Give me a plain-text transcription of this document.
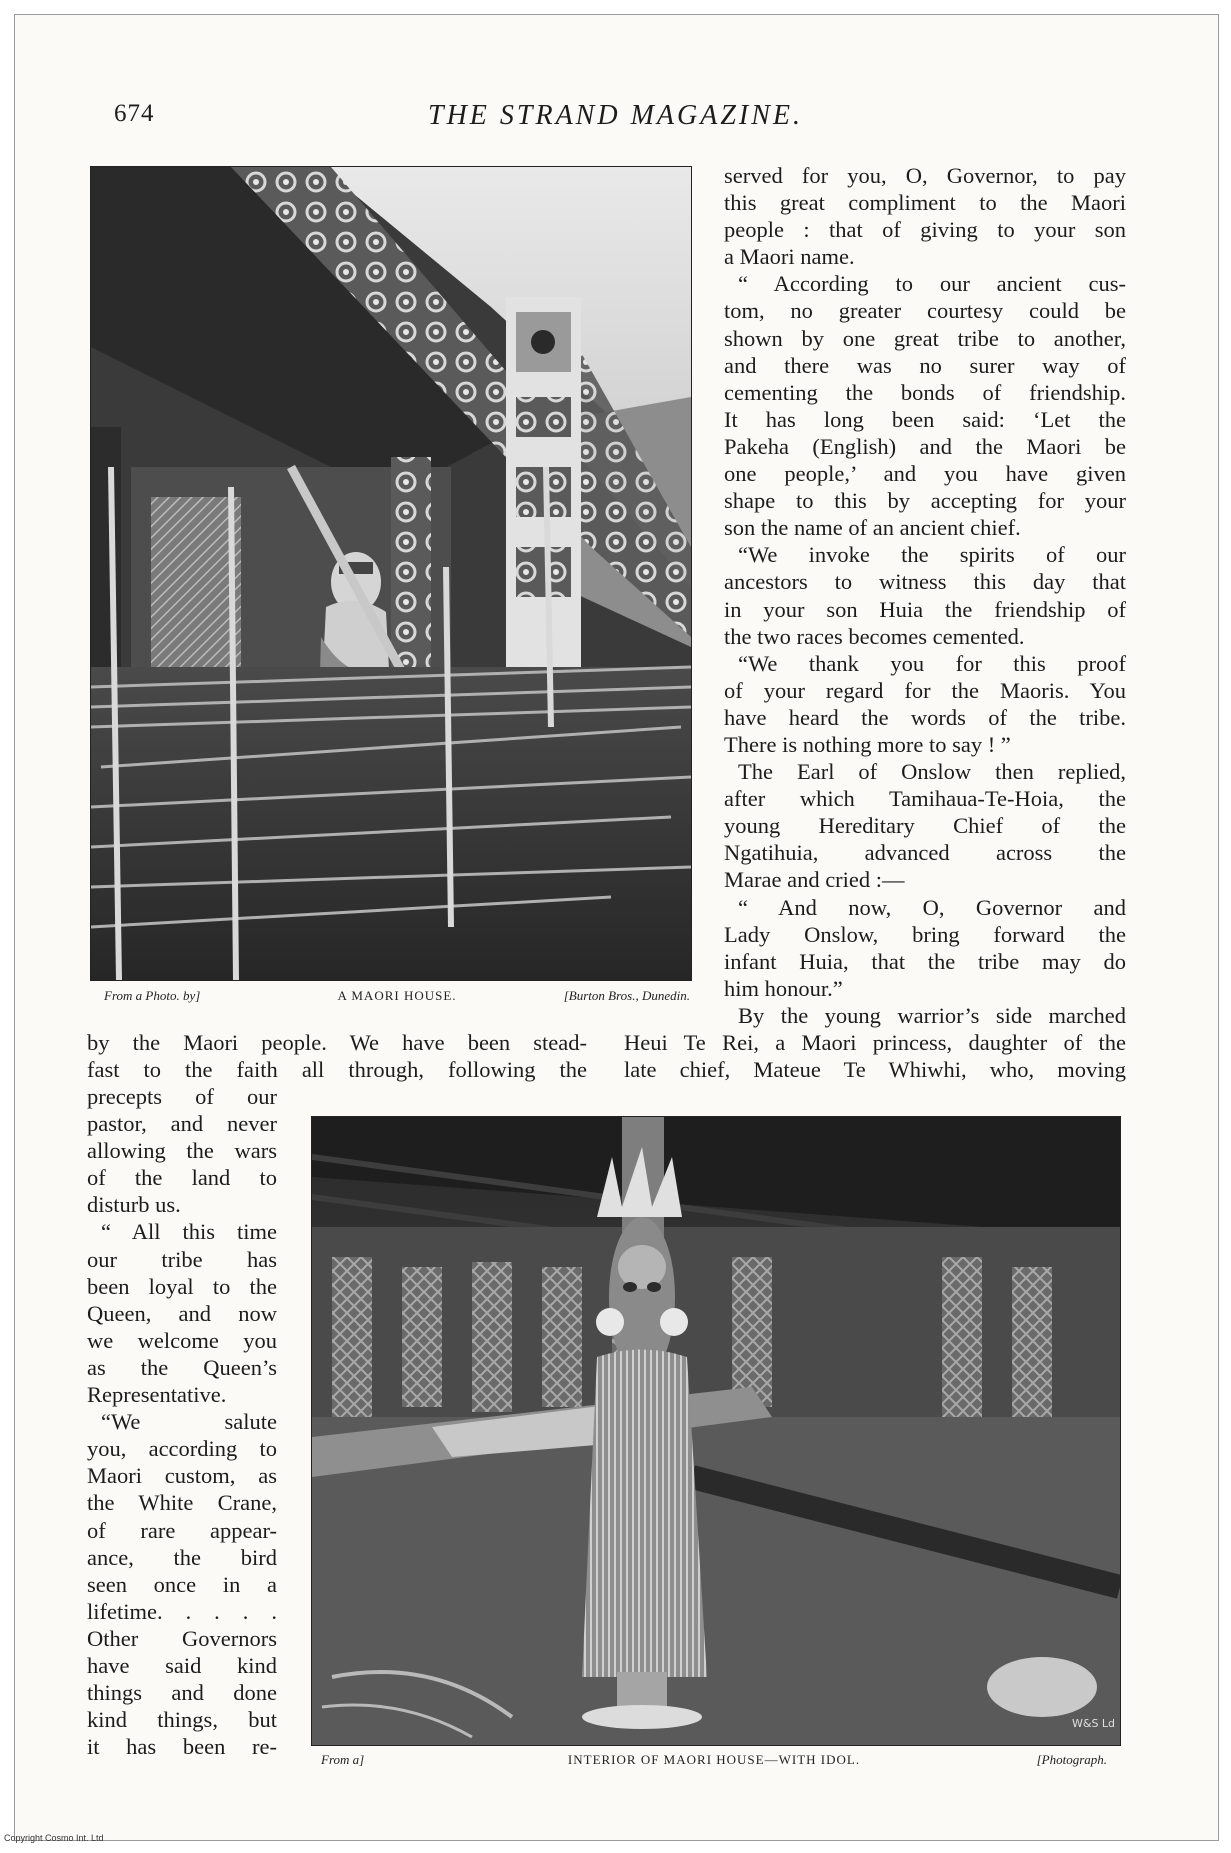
674	THE STRAND MAGAZINE.
From a Photo. by]	A MAORI HOUSE.	[Burton Bros., Dunedin.
served for you, O, Governor, to pay
this great compliment to the Maori
people : that of giving to your son
a Maori name.
“ According to our ancient cus-
tom, no greater courtesy could be
shown by one great tribe to another,
and there was no surer way of
cementing the bonds of friendship.
It has long been said: ‘Let the
Pakeha (English) and the Maori be
one people,’ and you have given
shape to this by accepting for your
son the name of an ancient chief.
“We invoke the spirits of our
ancestors to witness this day that
in your son Huia the friendship of
the two races becomes cemented.
“We thank you for this proof
of your regard for the Maoris. You
have heard the words of the tribe.
There is nothing more to say ! ”
The Earl of Onslow then replied,
after which Tamihaua-Te-Hoia, the
young Hereditary Chief of the
Ngatihuia, advanced across the
Marae and cried :—
“ And now, O, Governor and
Lady Onslow, bring forward the
infant Huia, that the tribe may do
him honour.”
By the young warrior’s side marched
by the Maori people. We have been stead-
fast to the faith all through, following the
Heui Te Rei, a Maori princess, daughter of the
late chief, Mateue Te Whiwhi, who, moving
precepts of our
pastor, and never
allowing the wars
of the land to
disturb us.
“ All this time
our tribe has
been loyal to the
Queen, and now
we welcome you
as the Queen’s
Representative.
“We salute
you, according to
Maori custom, as
the White Crane,
of rare appear-
ance, the bird
seen once in a
lifetime. . . . .
Other Governors
have said kind
things and done
kind things, but
it has been re-
W&S Ld
From a]	INTERIOR OF MAORI HOUSE—WITH IDOL.	[Photograph.
Copyright Cosmo Int. Ltd
